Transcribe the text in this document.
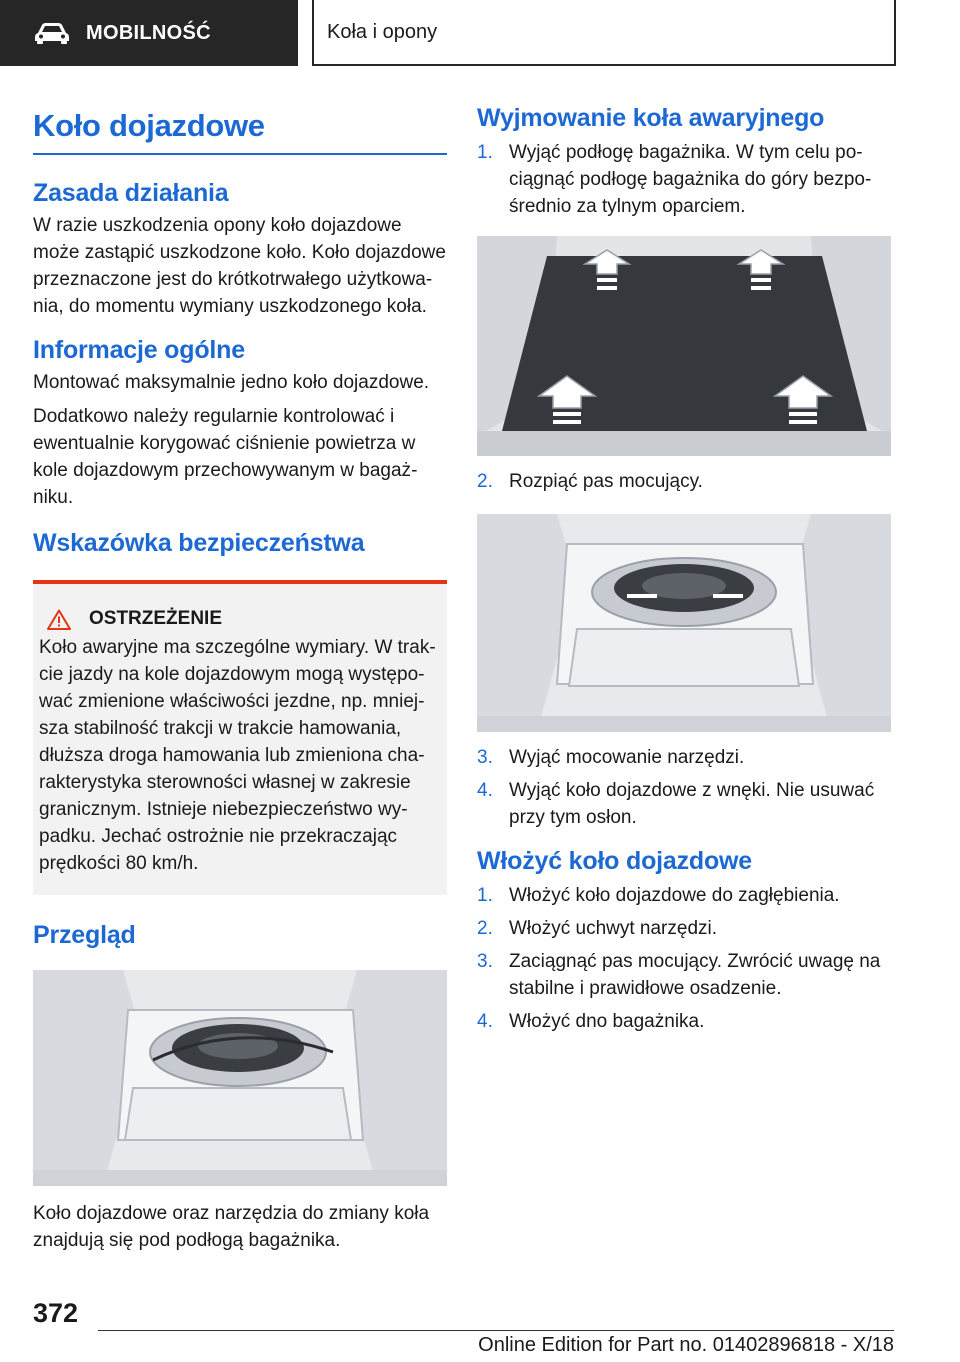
MOBILNOŚĆ	Koła i opony
Koło dojazdowe
Zasada działania

W razie uszkodzenia opony koło dojazdowe może zastąpić uszkodzone koło. Koło dojazdowe przeznaczone jest do krótkotrwałego użytkowania, do momentu wymiany uszkodzonego koła.

Informacje ogólne

Montować maksymalnie jedno koło dojazdowe.

Dodatkowo należy regularnie kontrolować i ewentualnie korygować ciśnienie powietrza w kole dojazdowym przechowywanym w bagażniku.

Wskazówka bezpieczeństwa
OSTRZEŻENIE

Koło awaryjne ma szczególne wymiary. W trakcie jazdy na kole dojazdowym mogą występować zmienione właściwości jezdne, np. mniejsza stabilność trakcji w trakcie hamowania, dłuższa droga hamowania lub zmieniona charakterystyka sterowności własnej w zakresie granicznym. Istnieje niebezpieczeństwo wypadku. Jechać ostrożnie nie przekraczając prędkości 80 km/h.

Przegląd

Koło dojazdowe oraz narzędzia do zmiany koła znajdują się pod podłogą bagażnika.

Wyjmowanie koła awaryjnego
1. Wyjąć podłogę bagażnika. W tym celu pociągnąć podłogę bagażnika do góry bezpośrednio za tylnym oparciem.
2. Rozpiąć pas mocujący.
3. Wyjąć mocowanie narzędzi.
4. Wyjąć koło dojazdowe z wnęki. Nie usuwać przy tym osłon.
Włożyć koło dojazdowe
1. Włożyć koło dojazdowe do zagłębienia.
2. Włożyć uchwyt narzędzi.
3. Zaciągnąć pas mocujący. Zwrócić uwagę na stabilne i prawidłowe osadzenie.
4. Włożyć dno bagażnika.
372
Online Edition for Part no. 01402896818 - X/18
